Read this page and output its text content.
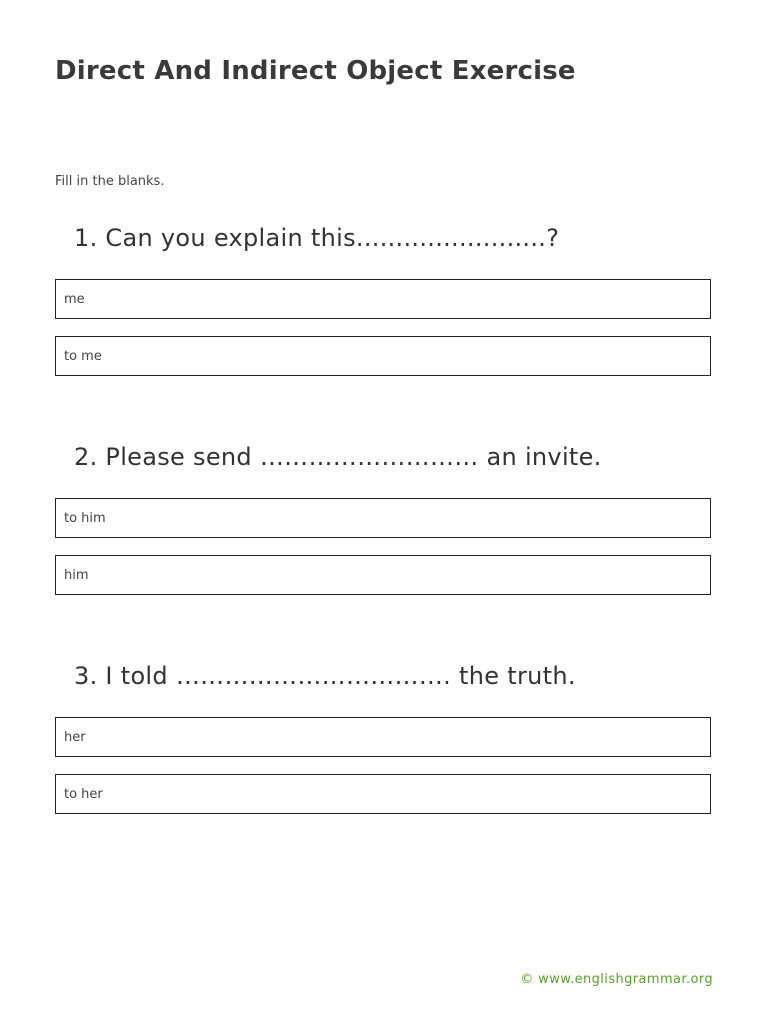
Direct And Indirect Object Exercise
Fill in the blanks.
1. Can you explain this........................?
me
to me
2. Please send ……………………… an invite.
to him
him
3. I told ……………………………. the truth.
her
to her
© www.englishgrammar.org
